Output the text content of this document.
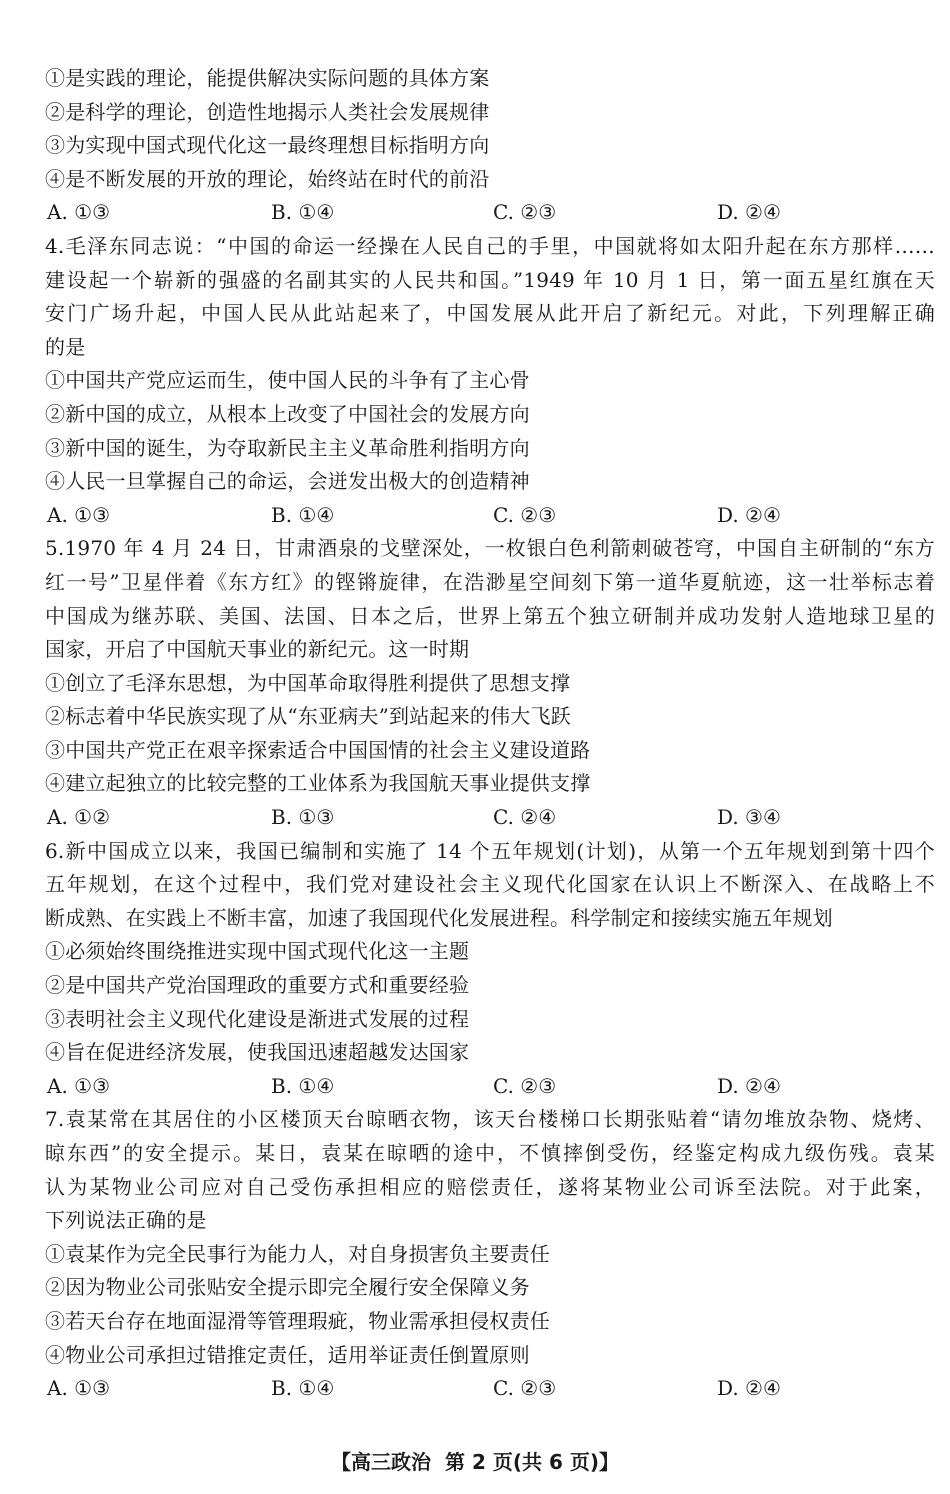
①是实践的理论，能提供解决实际问题的具体方案
②是科学的理论，创造性地揭示人类社会发展规律
③为实现中国式现代化这一最终理想目标指明方向
④是不断发展的开放的理论，始终站在时代的前沿
A. ①③	B. ①④	C. ②③	D. ②④
4.毛泽东同志说：“中国的命运一经操在人民自己的手里，中国就将如太阳升起在东方那样……
建设起一个崭新的强盛的名副其实的人民共和国。”1949 年 10 月 1 日，第一面五星红旗在天
安门广场升起，中国人民从此站起来了，中国发展从此开启了新纪元。对此，下列理解正确
的是
①中国共产党应运而生，使中国人民的斗争有了主心骨
②新中国的成立，从根本上改变了中国社会的发展方向
③新中国的诞生，为夺取新民主主义革命胜利指明方向
④人民一旦掌握自己的命运，会迸发出极大的创造精神
A. ①③	B. ①④	C. ②③	D. ②④
5.1970 年 4 月 24 日，甘肃酒泉的戈壁深处，一枚银白色利箭刺破苍穹，中国自主研制的“东方
红一号”卫星伴着《东方红》的铿锵旋律，在浩渺星空间刻下第一道华夏航迹，这一壮举标志着
中国成为继苏联、美国、法国、日本之后，世界上第五个独立研制并成功发射人造地球卫星的
国家，开启了中国航天事业的新纪元。这一时期
①创立了毛泽东思想，为中国革命取得胜利提供了思想支撑
②标志着中华民族实现了从“东亚病夫”到站起来的伟大飞跃
③中国共产党正在艰辛探索适合中国国情的社会主义建设道路
④建立起独立的比较完整的工业体系为我国航天事业提供支撑
A. ①②	B. ①③	C. ②④	D. ③④
6.新中国成立以来，我国已编制和实施了 14 个五年规划(计划)，从第一个五年规划到第十四个
五年规划，在这个过程中，我们党对建设社会主义现代化国家在认识上不断深入、在战略上不
断成熟、在实践上不断丰富，加速了我国现代化发展进程。科学制定和接续实施五年规划
①必须始终围绕推进实现中国式现代化这一主题
②是中国共产党治国理政的重要方式和重要经验
③表明社会主义现代化建设是渐进式发展的过程
④旨在促进经济发展，使我国迅速超越发达国家
A. ①③	B. ①④	C. ②③	D. ②④
7.袁某常在其居住的小区楼顶天台晾晒衣物，该天台楼梯口长期张贴着“请勿堆放杂物、烧烤、
晾东西”的安全提示。某日，袁某在晾晒的途中，不慎摔倒受伤，经鉴定构成九级伤残。袁某
认为某物业公司应对自己受伤承担相应的赔偿责任，遂将某物业公司诉至法院。对于此案，
下列说法正确的是
①袁某作为完全民事行为能力人，对自身损害负主要责任
②因为物业公司张贴安全提示即完全履行安全保障义务
③若天台存在地面湿滑等管理瑕疵，物业需承担侵权责任
④物业公司承担过错推定责任，适用举证责任倒置原则
A. ①③	B. ①④	C. ②③	D. ②④
【高三政治 第 2 页(共 6 页)】
